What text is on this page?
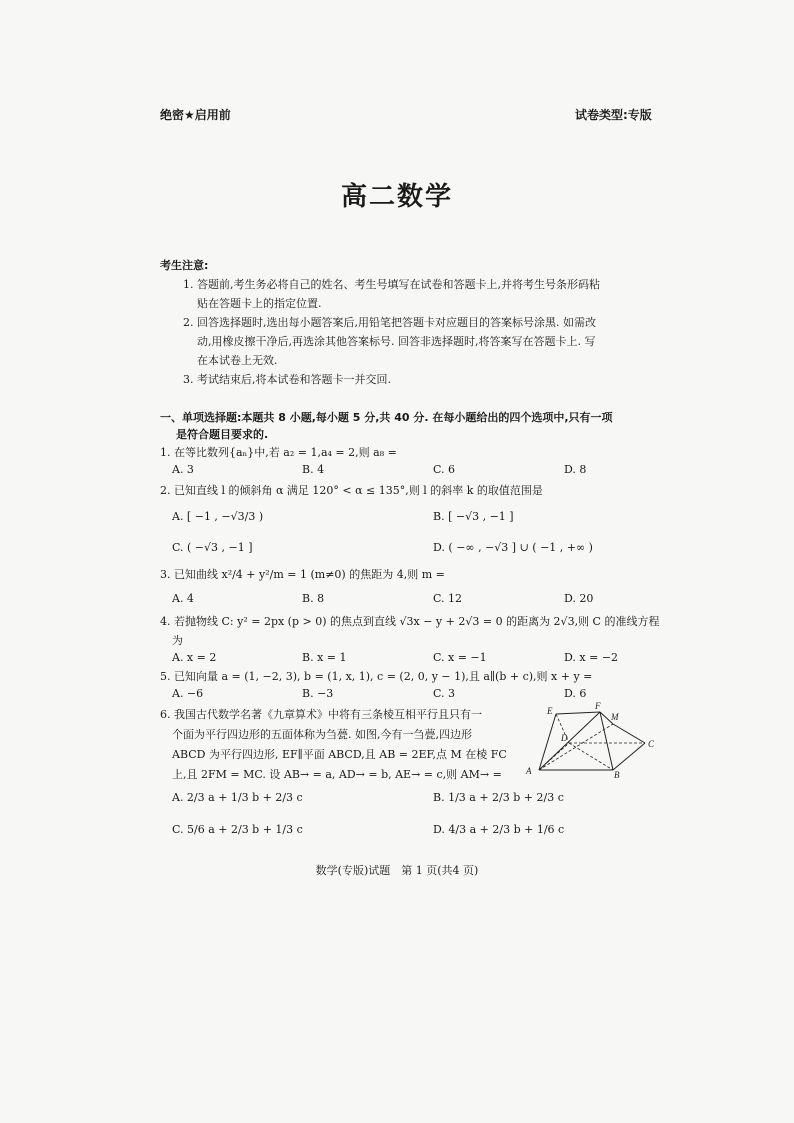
绝密★启用前	试卷类型:专版
高二数学
考生注意:
1. 答题前,考生务必将自己的姓名、考生号填写在试卷和答题卡上,并将考生号条形码粘
贴在答题卡上的指定位置.
2. 回答选择题时,选出每小题答案后,用铅笔把答题卡对应题目的答案标号涂黑. 如需改
动,用橡皮擦干净后,再选涂其他答案标号. 回答非选择题时,将答案写在答题卡上. 写
在本试卷上无效.
3. 考试结束后,将本试卷和答题卡一并交回.
一、单项选择题:本题共 8 小题,每小题 5 分,共 40 分. 在每小题给出的四个选项中,只有一项
是符合题目要求的.
1. 在等比数列{aₙ}中,若 a₂ = 1,a₄ = 2,则 a₈ =
A. 3	B. 4	C. 6	D. 8
2. 已知直线 l 的倾斜角 α 满足 120° < α ≤ 135°,则 l 的斜率 k 的取值范围是
A. [ −1 , −√3/3 )	B. [ −√3 , −1 ]
C. ( −√3 , −1 ]	D. ( −∞ , −√3 ] ∪ ( −1 , +∞ )
3. 已知曲线 x²/4 + y²/m = 1 (m≠0) 的焦距为 4,则 m =
A. 4	B. 8	C. 12	D. 20
4. 若抛物线 C: y² = 2px (p > 0) 的焦点到直线 √3x − y + 2√3 = 0 的距离为 2√3,则 C 的准线方程
为
A. x = 2	B. x = 1	C. x = −1	D. x = −2
5. 已知向量 a = (1, −2, 3), b = (1, x, 1), c = (2, 0, y − 1),且 a∥(b + c),则 x + y =
A. −6	B. −3	C. 3	D. 6
6. 我国古代数学名著《九章算术》中将有三条棱互相平行且只有一
个面为平行四边形的五面体称为刍甍. 如图,今有一刍甍,四边形
ABCD 为平行四边形, EF∥平面 ABCD,且 AB = 2EF,点 M 在棱 FC
上,且 2FM = MC. 设 AB→ = a, AD→ = b, AE→ = c,则 AM→ =
A. 2/3 a + 1/3 b + 2/3 c	B. 1/3 a + 2/3 b + 2/3 c
C. 5/6 a + 2/3 b + 1/3 c	D. 4/3 a + 2/3 b + 1/6 c
E	F
M
D
C
A	B
数学(专版)试题　第 1 页(共4 页)
